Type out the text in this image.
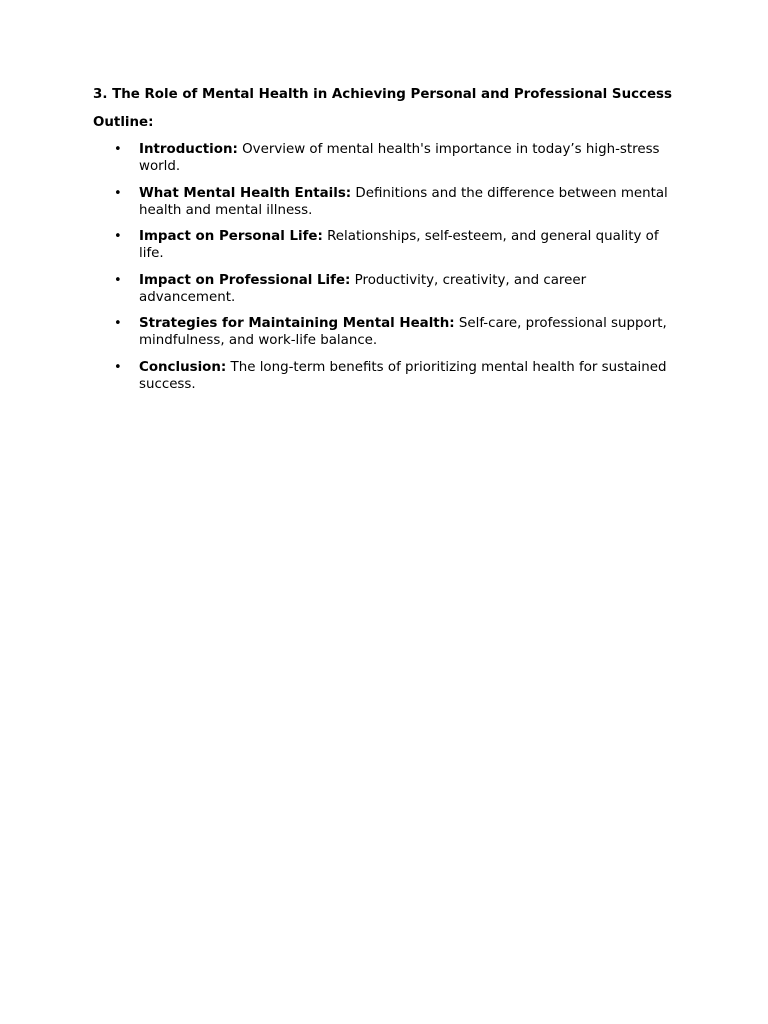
3. The Role of Mental Health in Achieving Personal and Professional Success

Outline:

• Introduction: Overview of mental health's importance in today’s high-stress world.
• What Mental Health Entails: Definitions and the difference between mental health and mental illness.
• Impact on Personal Life: Relationships, self-esteem, and general quality of life.
• Impact on Professional Life: Productivity, creativity, and career advancement.
• Strategies for Maintaining Mental Health: Self-care, professional support, mindfulness, and work-life balance.
• Conclusion: The long-term benefits of prioritizing mental health for sustained success.
